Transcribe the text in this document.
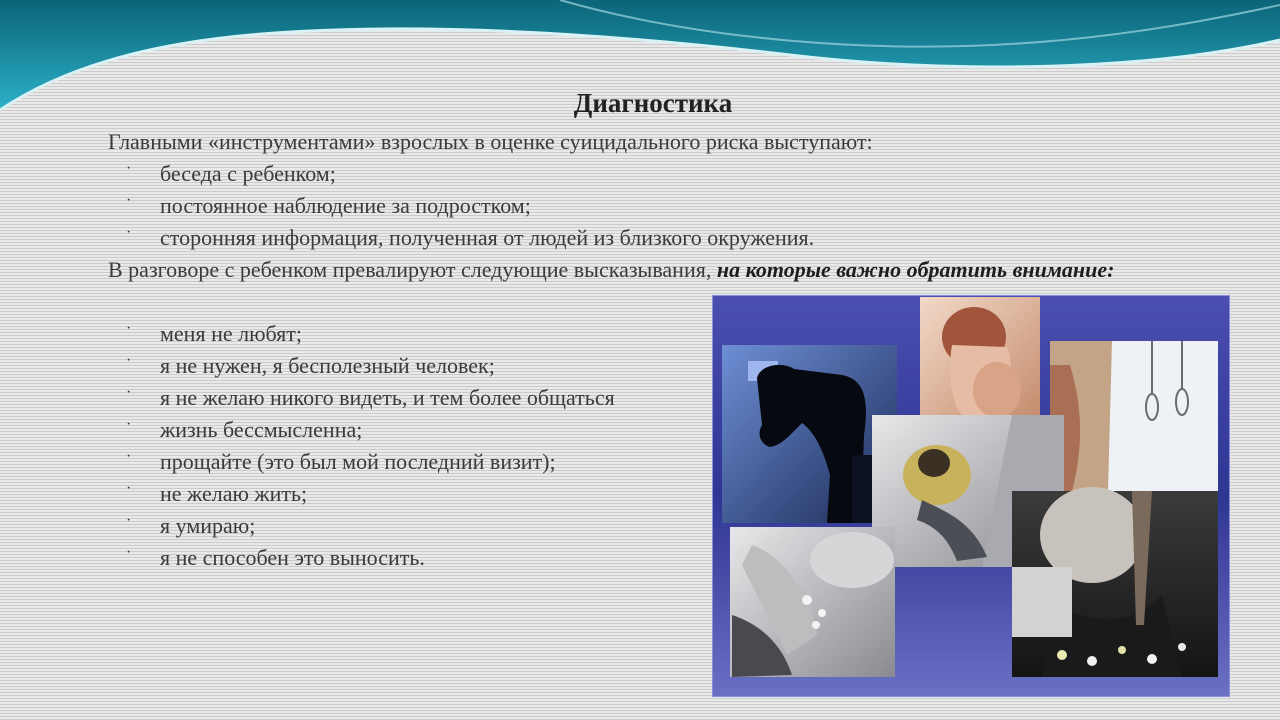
Диагностика
Главными «инструментами» взрослых в оценке суицидального риска выступают:
· беседа с ребенком;
· постоянное наблюдение за подростком;
· сторонняя информация, полученная от людей из близкого окружения.
В разговоре с ребенком превалируют следующие высказывания, на которые важно обратить внимание:
· меня не любят;
· я не нужен, я бесполезный человек;
· я не желаю никого видеть, и тем более общаться
· жизнь бессмысленна;
· прощайте (это был мой последний визит);
· не желаю жить;
· я умираю;
· я не способен это выносить.
